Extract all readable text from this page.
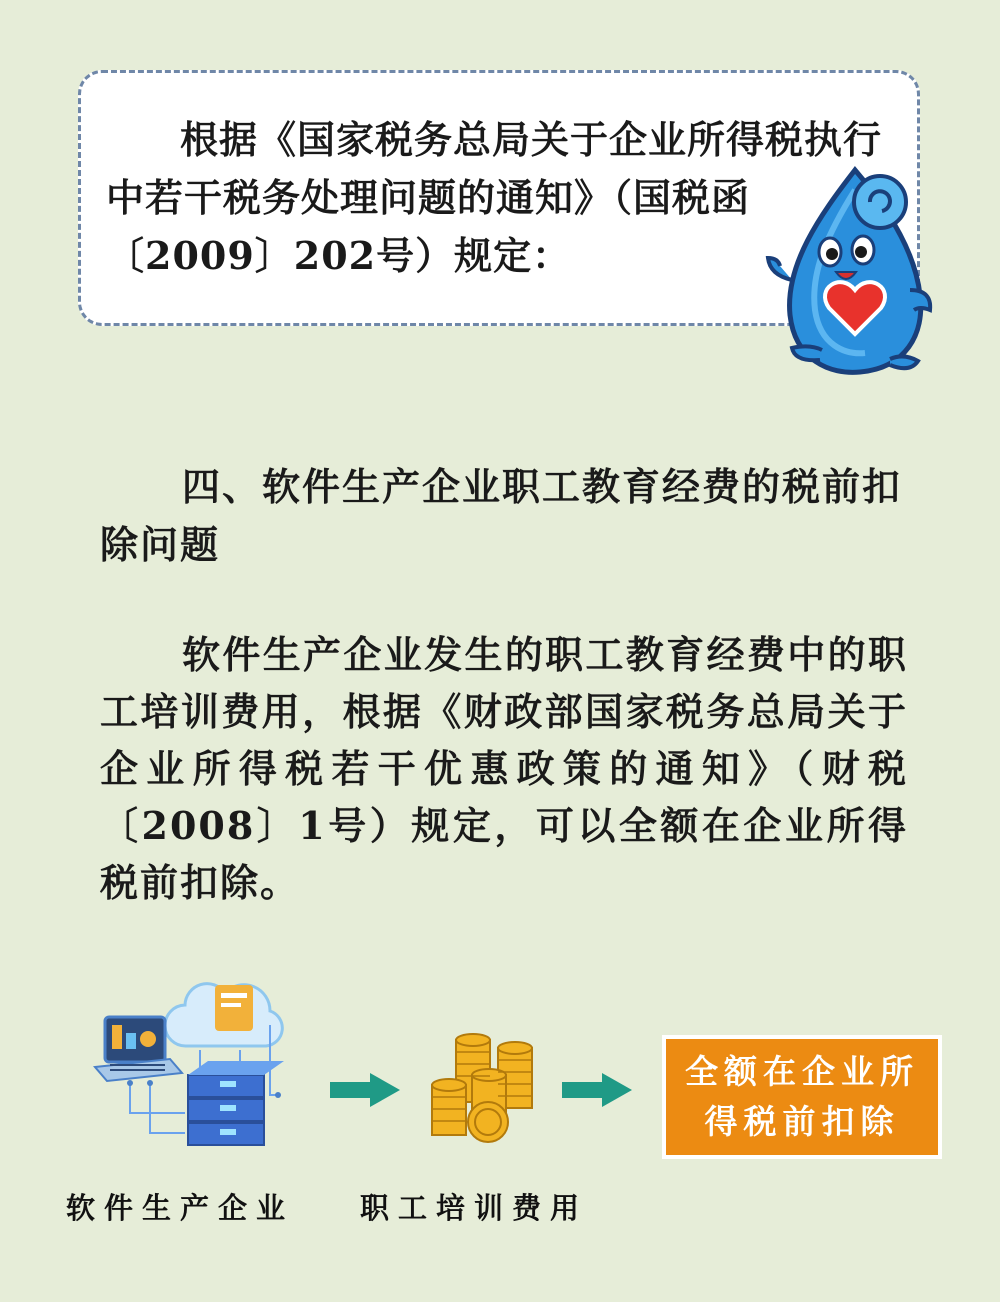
根据《国家税务总局关于企业所得税执行中若干税务处理问题的通知》（国税函〔2009〕202号）规定：
四、软件生产企业职工教育经费的税前扣除问题
软件生产企业发生的职工教育经费中的职工培训费用，根据《财政部国家税务总局关于企业所得税若干优惠政策的通知》（财税〔2008〕1号）规定，可以全额在企业所得税前扣除。
全额在企业所得税前扣除
软件生产企业 职工培训费用
